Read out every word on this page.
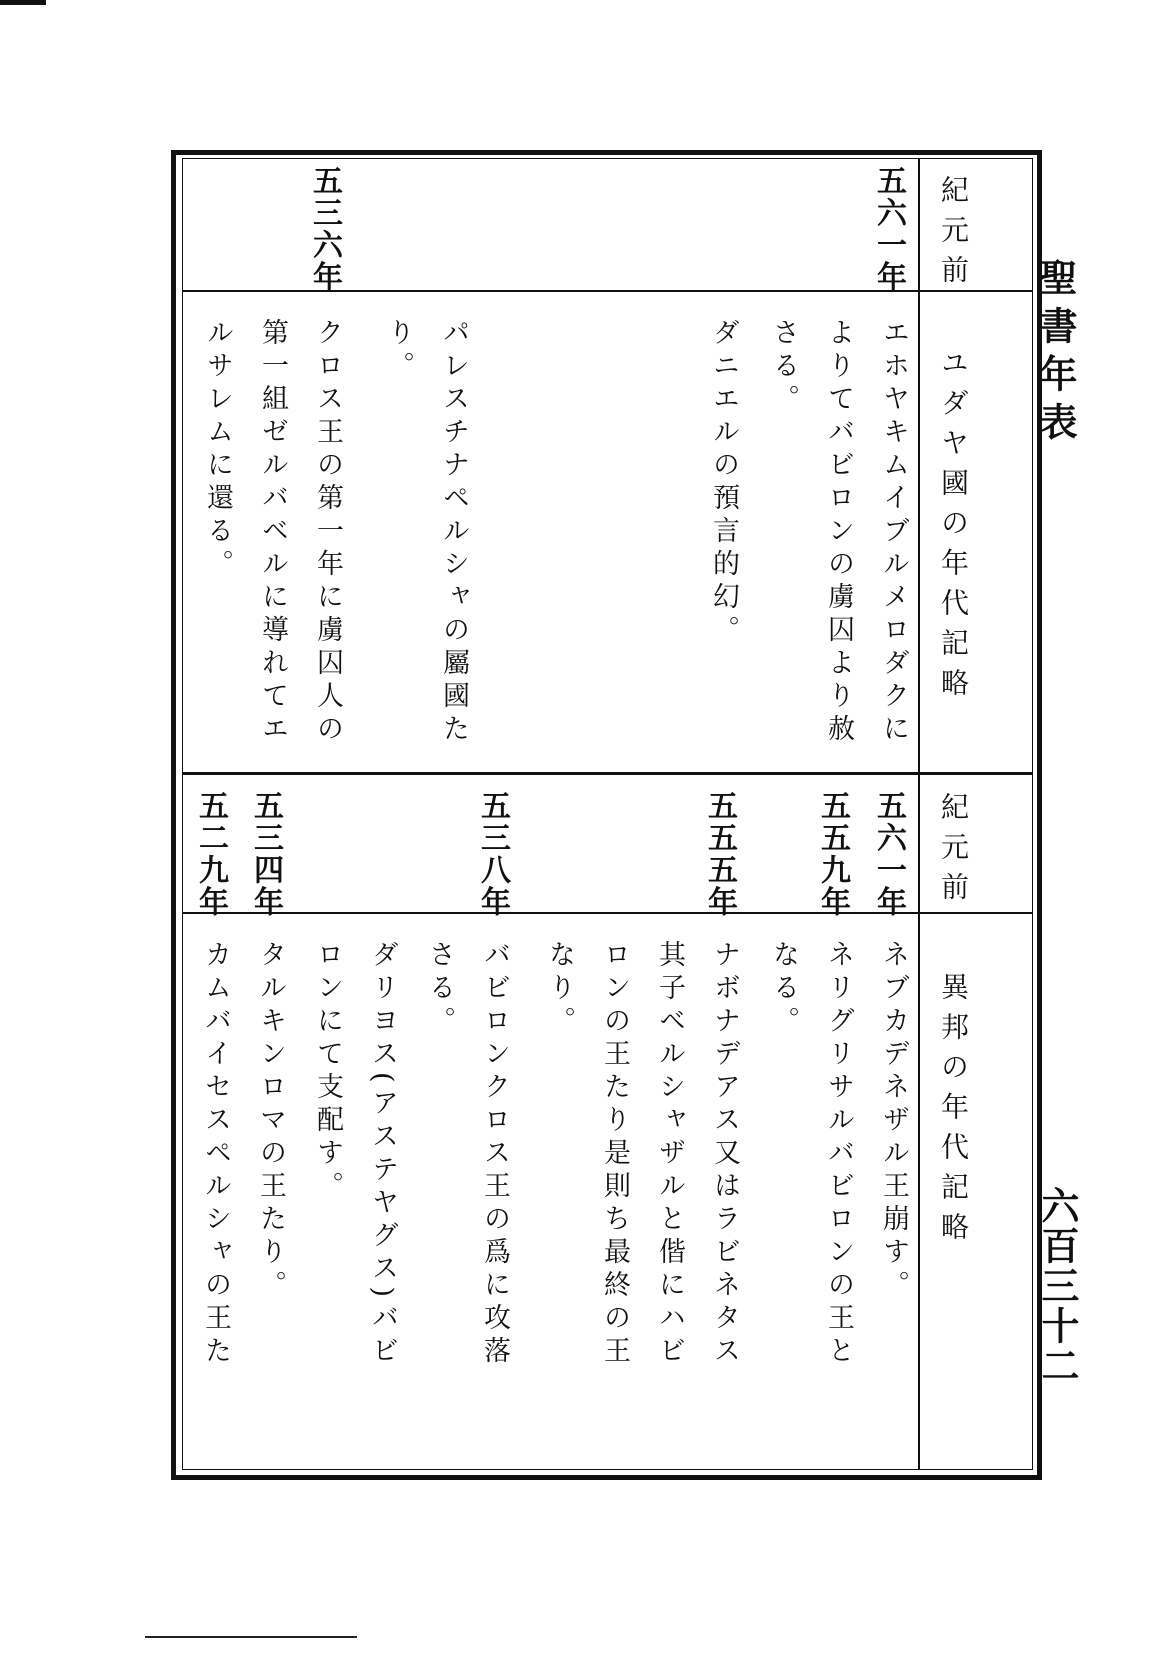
聖書年表
六百三十二
紀元前
ユダヤ國の年代記略
五六一年
五三六年
エホヤキムイブルメロダクによりてバビロンの虜囚より赦さる。
ダニエルの預言的幻。
パレスチナペルシャの屬國たり。
クロス王の第一年に虜囚人の第一組ゼルバベルに導れてエルサレムに還る。
紀元前
異邦の年代記略
五六一年
五五九年
五五五年
五三八年
五三四年
五二九年
ネブカデネザル王崩す。
ネリグリサルバビロンの王となる。
ナボナデアス又はラビネタス其子ベルシャザルと偕にハビロンの王たり是則ち最終の王なり。
バビロンクロス王の爲に攻落さる。
ダリヨス(アステヤグス)バビロンにて支配す。
タルキンロマの王たり。
カムバイセスペルシャの王た
